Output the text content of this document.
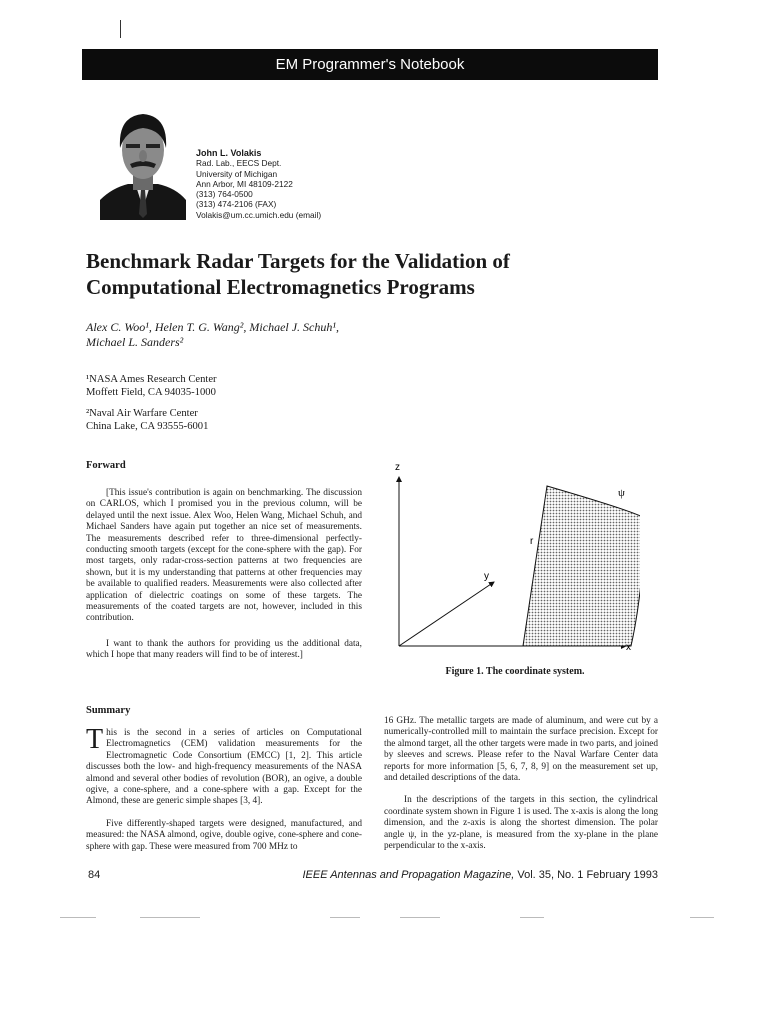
EM Programmer's Notebook
John L. Volakis
Rad. Lab., EECS Dept.
University of Michigan
Ann Arbor, MI 48109-2122
(313) 764-0500
(313) 474-2106 (FAX)
Volakis@um.cc.umich.edu (email)
Benchmark Radar Targets for the Validation of
Computational Electromagnetics Programs
Alex C. Woo¹, Helen T. G. Wang², Michael J. Schuh¹,
Michael L. Sanders²
¹NASA Ames Research Center
Moffett Field, CA 94035-1000
²Naval Air Warfare Center
China Lake, CA 93555-6001
Forward

[This issue's contribution is again on benchmarking. The discussion on CARLOS, which I promised you in the previous column, will be delayed until the next issue. Alex Woo, Helen Wang, Michael Schuh, and Michael Sanders have again put together an nice set of measurements. The measurements described refer to three-dimensional perfectly-conducting smooth targets (except for the cone-sphere with the gap). For most targets, only radar-cross-section patterns at two frequencies are shown, but it is my understanding that patterns at other frequencies may be available to qualified readers. Measurements were also collected after application of dielectric coatings on some of these targets. The measurements of the coated targets are not, however, included in this contribution.

I want to thank the authors for providing us the additional data, which I hope that many readers will find to be of interest.]

Summary

This is the second in a series of articles on Computational Electromagnetics (CEM) validation measurements for the Electromagnetic Code Consortium (EMCC) [1, 2]. This article discusses both the low- and high-frequency measurements of the NASA almond and several other bodies of revolution (BOR), an ogive, a double ogive, a cone-sphere, and a cone-sphere with a gap. Except for the Almond, these are generic simple shapes [3, 4].

Five differently-shaped targets were designed, manufactured, and measured: the NASA almond, ogive, double ogive, cone-sphere and cone-sphere with gap. These were measured from 700 MHz to

z
y
x
r
ψ
Figure 1. The coordinate system.

16 GHz. The metallic targets are made of aluminum, and were cut by a numerically-controlled mill to maintain the surface precision. Except for the almond target, all the other targets were made in two parts, and joined by sleeves and screws. Please refer to the Naval Warfare Center data reports for more information [5, 6, 7, 8, 9] on the measurement set up, and detailed descriptions of the data.

In the descriptions of the targets in this section, the cylindrical coordinate system shown in Figure 1 is used. The x-axis is along the long dimension, and the z-axis is along the shortest dimension. The polar angle ψ, in the yz-plane, is measured from the xy-plane in the plane perpendicular to the x-axis.

84	IEEE Antennas and Propagation Magazine, Vol. 35, No. 1 February 1993
